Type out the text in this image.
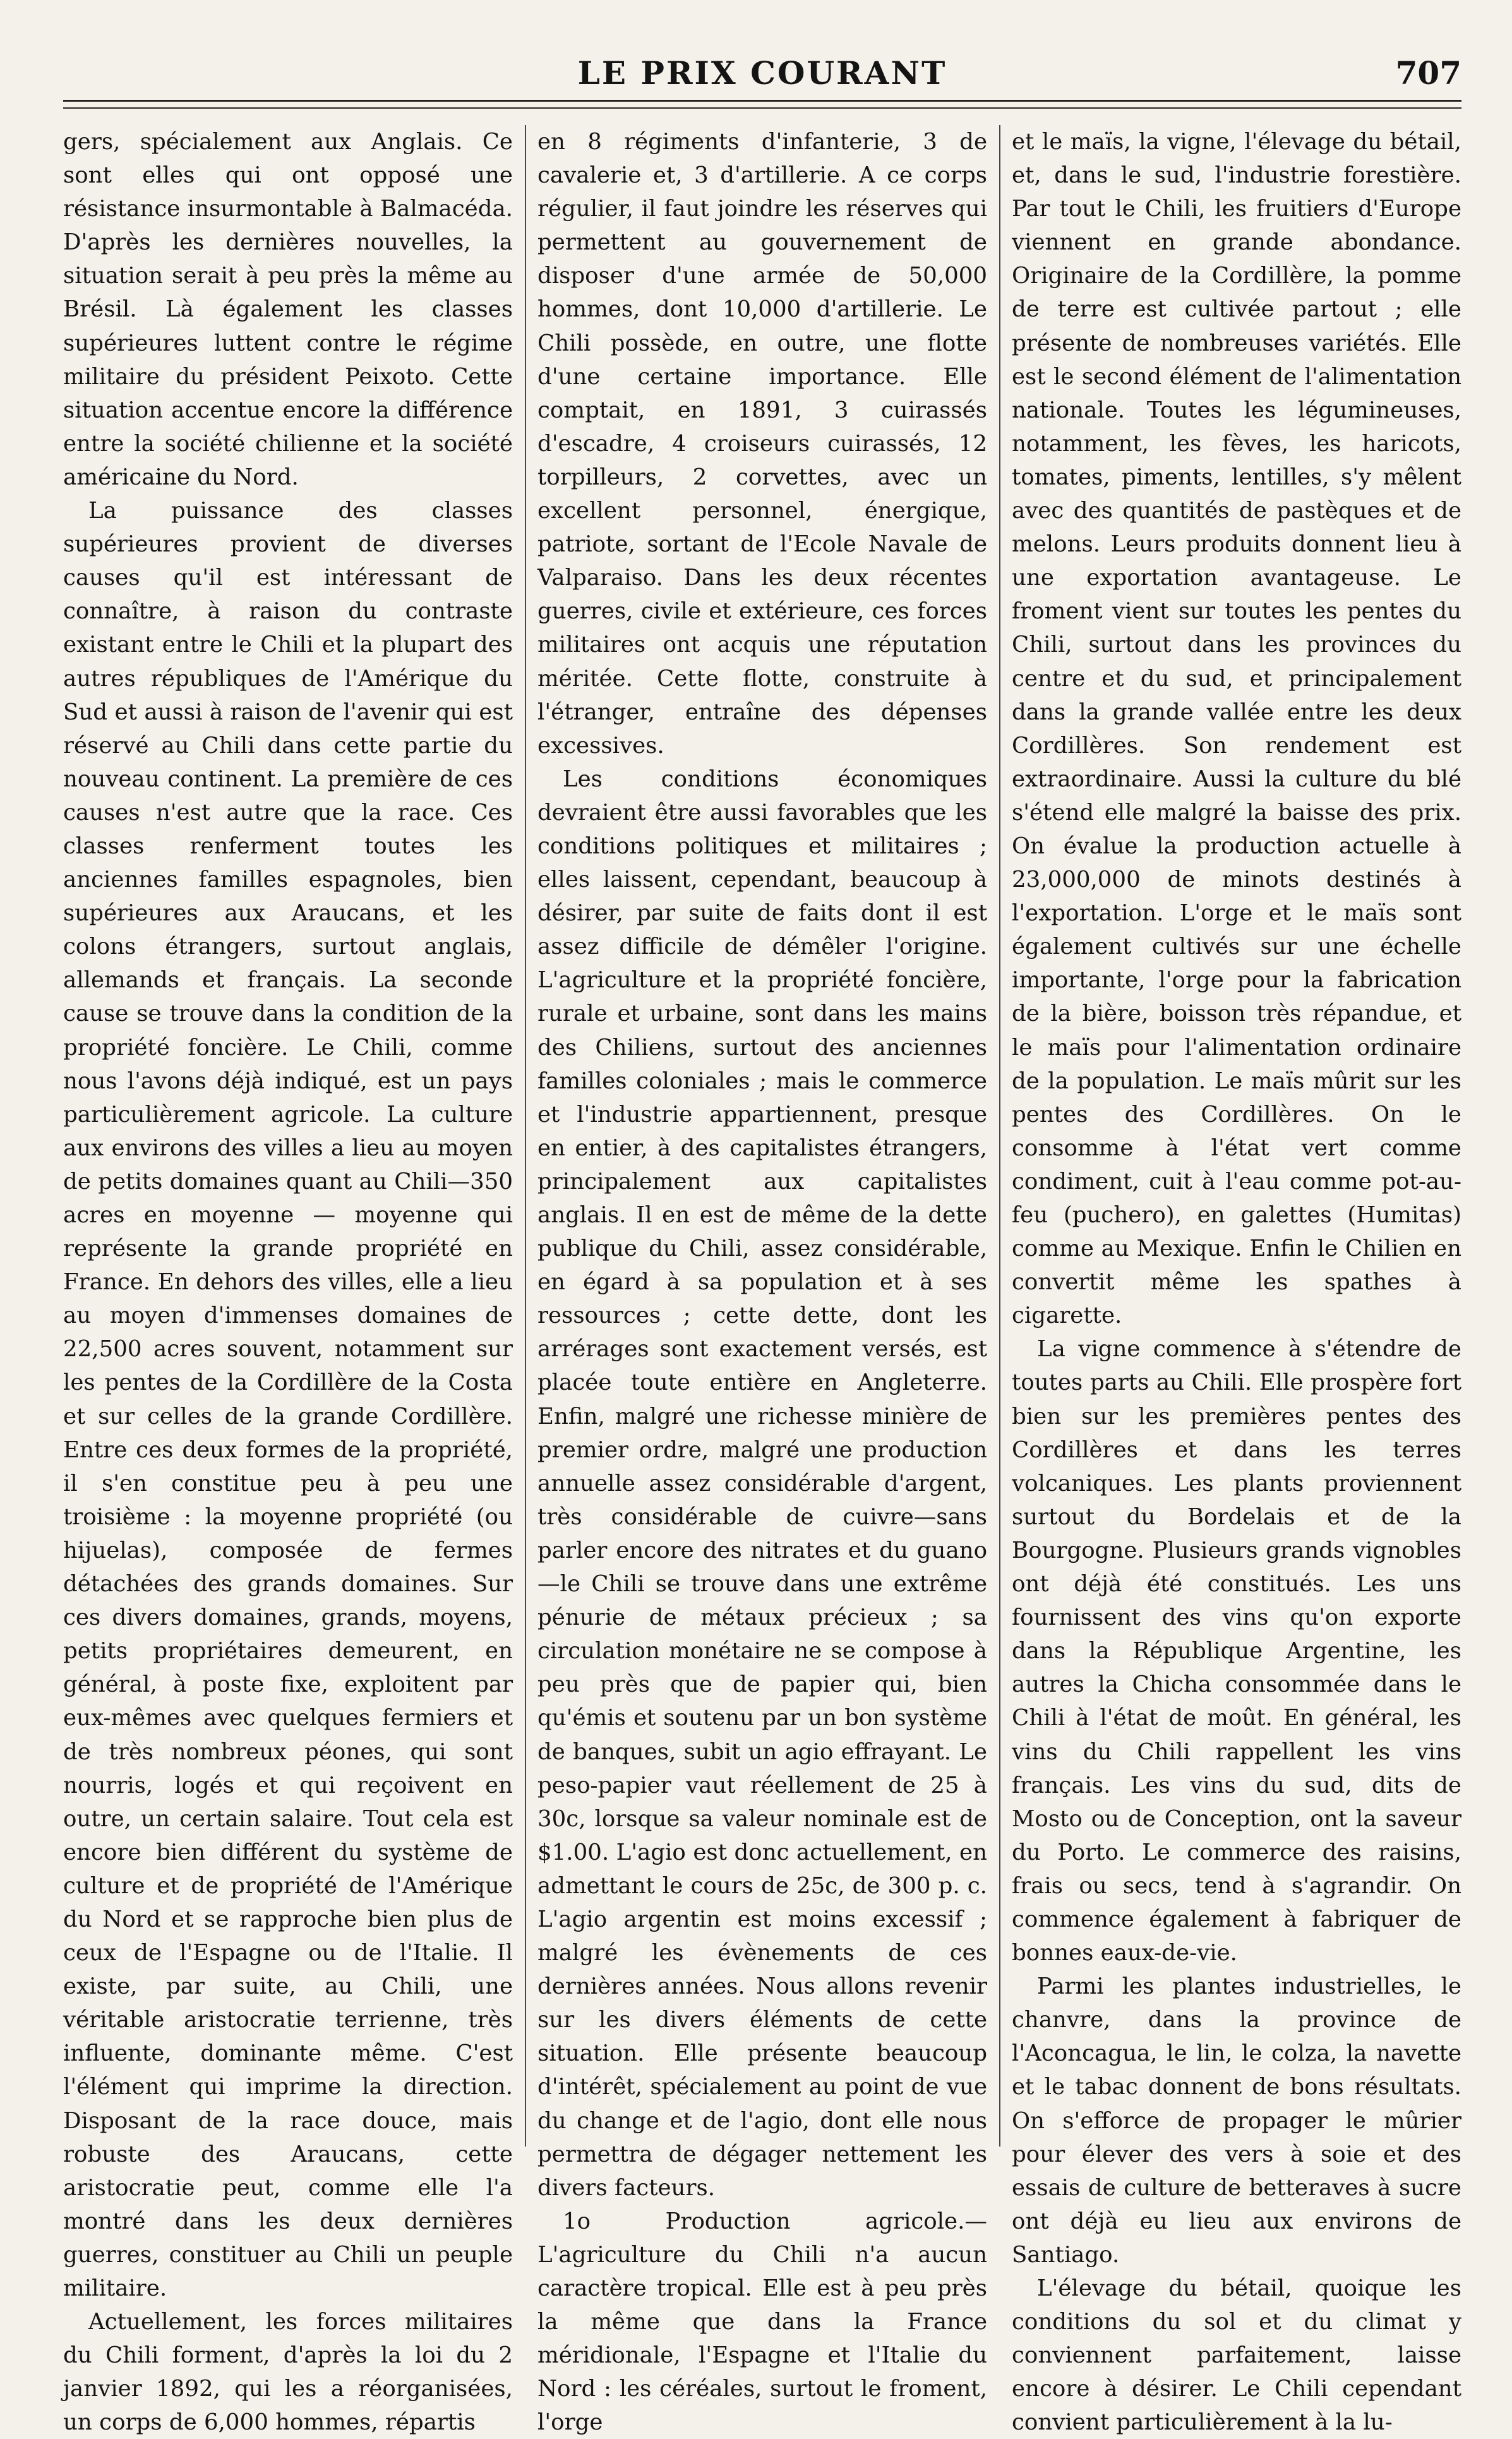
LE PRIX COURANT	707

gers, spécialement aux Anglais. Ce sont elles qui ont opposé une résistance insurmontable à Balmacéda. D'après les dernières nouvelles, la situation serait à peu près la même au Brésil. Là également les classes supérieures luttent contre le régime militaire du président Peixoto. Cette situation accentue encore la différence entre la société chilienne et la société américaine du Nord.

La puissance des classes supérieures provient de diverses causes qu'il est intéressant de connaître, à raison du contraste existant entre le Chili et la plupart des autres républiques de l'Amérique du Sud et aussi à raison de l'avenir qui est réservé au Chili dans cette partie du nouveau continent. La première de ces causes n'est autre que la race. Ces classes renferment toutes les anciennes familles espagnoles, bien supérieures aux Araucans, et les colons étrangers, surtout anglais, allemands et français. La seconde cause se trouve dans la condition de la propriété foncière. Le Chili, comme nous l'avons déjà indiqué, est un pays particulièrement agricole. La culture aux environs des villes a lieu au moyen de petits domaines quant au Chili—350 acres en moyenne — moyenne qui représente la grande propriété en France. En dehors des villes, elle a lieu au moyen d'immenses domaines de 22,500 acres souvent, notamment sur les pentes de la Cordillère de la Costa et sur celles de la grande Cordillère. Entre ces deux formes de la propriété, il s'en constitue peu à peu une troisième : la moyenne propriété (ou hijuelas), composée de fermes détachées des grands domaines. Sur ces divers domaines, grands, moyens, petits propriétaires demeurent, en général, à poste fixe, exploitent par eux-mêmes avec quelques fermiers et de très nombreux péones, qui sont nourris, logés et qui reçoivent en outre, un certain salaire. Tout cela est encore bien différent du système de culture et de propriété de l'Amérique du Nord et se rapproche bien plus de ceux de l'Espagne ou de l'Italie. Il existe, par suite, au Chili, une véritable aristocratie terrienne, très influente, dominante même. C'est l'élément qui imprime la direction. Disposant de la race douce, mais robuste des Araucans, cette aristocratie peut, comme elle l'a montré dans les deux dernières guerres, constituer au Chili un peuple militaire.

Actuellement, les forces militaires du Chili forment, d'après la loi du 2 janvier 1892, qui les a réorganisées, un corps de 6,000 hommes, répartis

en 8 régiments d'infanterie, 3 de cavalerie et, 3 d'artillerie. A ce corps régulier, il faut joindre les réserves qui permettent au gouvernement de disposer d'une armée de 50,000 hommes, dont 10,000 d'artillerie. Le Chili possède, en outre, une flotte d'une certaine importance. Elle comptait, en 1891, 3 cuirassés d'escadre, 4 croiseurs cuirassés, 12 torpilleurs, 2 corvettes, avec un excellent personnel, énergique, patriote, sortant de l'Ecole Navale de Valparaiso. Dans les deux récentes guerres, civile et extérieure, ces forces militaires ont acquis une réputation méritée. Cette flotte, construite à l'étranger, entraîne des dépenses excessives.

Les conditions économiques devraient être aussi favorables que les conditions politiques et militaires ; elles laissent, cependant, beaucoup à désirer, par suite de faits dont il est assez difficile de démêler l'origine. L'agriculture et la propriété foncière, rurale et urbaine, sont dans les mains des Chiliens, surtout des anciennes familles coloniales ; mais le commerce et l'industrie appartiennent, presque en entier, à des capitalistes étrangers, principalement aux capitalistes anglais. Il en est de même de la dette publique du Chili, assez considérable, en égard à sa population et à ses ressources ; cette dette, dont les arrérages sont exactement versés, est placée toute entière en Angleterre. Enfin, malgré une richesse minière de premier ordre, malgré une production annuelle assez considérable d'argent, très considérable de cuivre—sans parler encore des nitrates et du guano—le Chili se trouve dans une extrême pénurie de métaux précieux ; sa circulation monétaire ne se compose à peu près que de papier qui, bien qu'émis et soutenu par un bon système de banques, subit un agio effrayant. Le peso-papier vaut réellement de 25 à 30c, lorsque sa valeur nominale est de $1.00. L'agio est donc actuellement, en admettant le cours de 25c, de 300 p. c. L'agio argentin est moins excessif ; malgré les évènements de ces dernières années. Nous allons revenir sur les divers éléments de cette situation. Elle présente beaucoup d'intérêt, spécialement au point de vue du change et de l'agio, dont elle nous permettra de dégager nettement les divers facteurs.

1o Production agricole.—L'agriculture du Chili n'a aucun caractère tropical. Elle est à peu près la même que dans la France méridionale, l'Espagne et l'Italie du Nord : les céréales, surtout le froment, l'orge

et le maïs, la vigne, l'élevage du bétail, et, dans le sud, l'industrie forestière. Par tout le Chili, les fruitiers d'Europe viennent en grande abondance. Originaire de la Cordillère, la pomme de terre est cultivée partout ; elle présente de nombreuses variétés. Elle est le second élément de l'alimentation nationale. Toutes les légumineuses, notamment, les fèves, les haricots, tomates, piments, lentilles, s'y mêlent avec des quantités de pastèques et de melons. Leurs produits donnent lieu à une exportation avantageuse. Le froment vient sur toutes les pentes du Chili, surtout dans les provinces du centre et du sud, et principalement dans la grande vallée entre les deux Cordillères. Son rendement est extraordinaire. Aussi la culture du blé s'étend elle malgré la baisse des prix. On évalue la production actuelle à 23,000,000 de minots destinés à l'exportation. L'orge et le maïs sont également cultivés sur une échelle importante, l'orge pour la fabrication de la bière, boisson très répandue, et le maïs pour l'alimentation ordinaire de la population. Le maïs mûrit sur les pentes des Cordillères. On le consomme à l'état vert comme condiment, cuit à l'eau comme pot-au-feu (puchero), en galettes (Humitas) comme au Mexique. Enfin le Chilien en convertit même les spathes à cigarette.

La vigne commence à s'étendre de toutes parts au Chili. Elle prospère fort bien sur les premières pentes des Cordillères et dans les terres volcaniques. Les plants proviennent surtout du Bordelais et de la Bourgogne. Plusieurs grands vignobles ont déjà été constitués. Les uns fournissent des vins qu'on exporte dans la République Argentine, les autres la Chicha consommée dans le Chili à l'état de moût. En général, les vins du Chili rappellent les vins français. Les vins du sud, dits de Mosto ou de Conception, ont la saveur du Porto. Le commerce des raisins, frais ou secs, tend à s'agrandir. On commence également à fabriquer de bonnes eaux-de-vie.

Parmi les plantes industrielles, le chanvre, dans la province de l'Aconcagua, le lin, le colza, la navette et le tabac donnent de bons résultats. On s'efforce de propager le mûrier pour élever des vers à soie et des essais de culture de betteraves à sucre ont déjà eu lieu aux environs de Santiago.

L'élevage du bétail, quoique les conditions du sol et du climat y conviennent parfaitement, laisse encore à désirer. Le Chili cependant convient particulièrement à la lu-
